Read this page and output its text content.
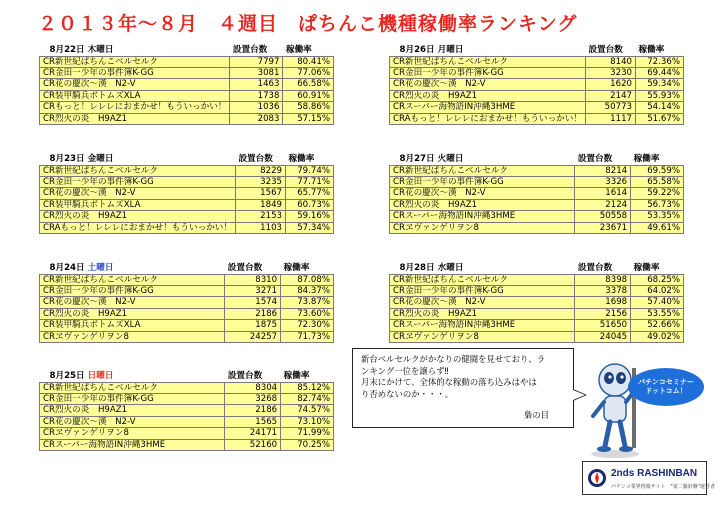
２０１３年～８月　４週目　ぱちんこ機種稼働率ランキング
8月22日 木曜日	設置台数	稼働率
CR新世紀ぱちんこベルセルク	7797	80.41%
CR金田一少年の事件簿K-GG	3081	77.06%
CR花の慶次～漢　N2-V	1463	66.58%
CR装甲騎兵ボトムズXLA	1738	60.91%
CRもっと！レレレにおまかせ！もういっかい！	1036	58.86%
CR烈火の炎　H9AZ1	2083	57.15%
8月26日 月曜日	設置台数	稼働率
CR新世紀ぱちんこベルセルク	8140	72.36%
CR金田一少年の事件簿K-GG	3230	69.44%
CR花の慶次～漢　N2-V	1620	59.34%
CR烈火の炎　H9AZ1	2147	55.93%
CRスーパー海物語IN沖縄3HME	50773	54.14%
CRAもっと！レレレにおまかせ！もういっかい！	1117	51.67%
8月23日 金曜日	設置台数	稼働率
CR新世紀ぱちんこベルセルク	8229	79.74%
CR金田一少年の事件簿K-GG	3235	77.71%
CR花の慶次～漢　N2-V	1567	65.77%
CR装甲騎兵ボトムズXLA	1849	60.73%
CR烈火の炎　H9AZ1	2153	59.16%
CRAもっと！レレレにおまかせ！もういっかい！	1103	57.34%
8月27日 火曜日	設置台数	稼働率
CR新世紀ぱちんこベルセルク	8214	69.59%
CR金田一少年の事件簿K-GG	3326	65.58%
CR花の慶次～漢　N2-V	1614	59.22%
CR烈火の炎　H9AZ1	2124	56.73%
CRスーパー海物語IN沖縄3HME	50558	53.35%
CRヱヴァンゲリヲン8	23671	49.61%
8月24日 土曜日	設置台数	稼働率
CR新世紀ぱちんこベルセルク	8310	87.08%
CR金田一少年の事件簿K-GG	3271	84.37%
CR花の慶次～漢　N2-V	1574	73.87%
CR烈火の炎　H9AZ1	2186	73.60%
CR装甲騎兵ボトムズXLA	1875	72.30%
CRヱヴァンゲリヲン8	24257	71.73%
8月28日 水曜日	設置台数	稼働率
CR新世紀ぱちんこベルセルク	8398	68.25%
CR金田一少年の事件簿K-GG	3378	64.02%
CR花の慶次～漢　N2-V	1698	57.40%
CR烈火の炎　H9AZ1	2156	53.55%
CRスーパー海物語IN沖縄3HME	51650	52.66%
CRヱヴァンゲリヲン8	24045	49.02%
8月25日 日曜日	設置台数	稼働率
CR新世紀ぱちんこベルセルク	8304	85.12%
CR金田一少年の事件簿K-GG	3268	82.74%
CR烈火の炎　H9AZ1	2186	74.57%
CR花の慶次～漢　N2-V	1565	73.10%
CRヱヴァンゲリヲン8	24171	71.99%
CRスーパー海物語IN沖縄3HME	52160	70.25%
新台ベルセルクがかなりの健闘を見せており、ラ
ンキング一位を譲らず‼
月末にかけて、全体的な稼動の落ち込みはやは
り否めないのか・・・。
梟の目
パチンコセミナー
ドットコム！
2nds RASHINBAN
パチンコ業界情報サイト　"第二羅針盤"運営者
